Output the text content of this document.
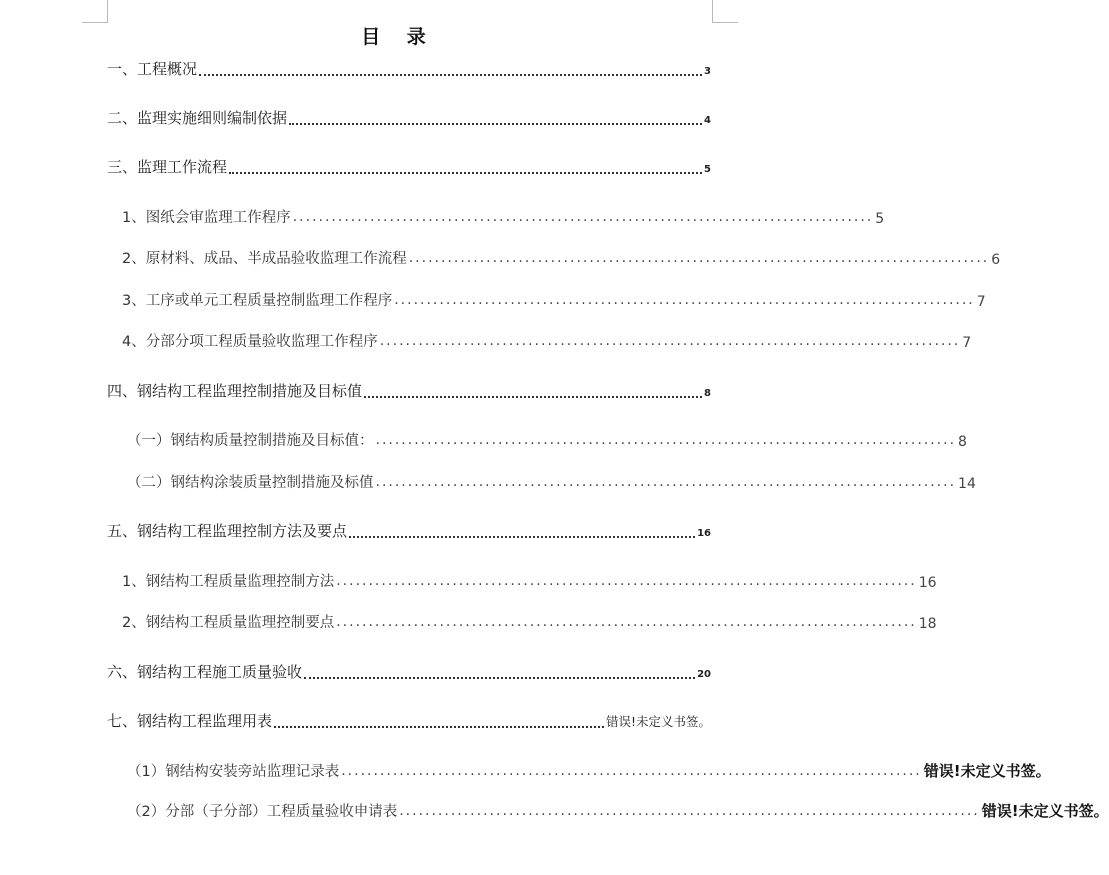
目 录
一、工程概况	3
二、监理实施细则编制依据	4
三、监理工作流程	5
1、图纸会审监理工作程序 .......................................................................................... 5
2、原材料、成品、半成品验收监理工作流程 .......................................................................................... 6
3、工序或单元工程质量控制监理工作程序 .......................................................................................... 7
4、分部分项工程质量验收监理工作程序 .......................................................................................... 7
四、钢结构工程监理控制措施及目标值	8
（一）钢结构质量控制措施及目标值： .......................................................................................... 8
（二）钢结构涂装质量控制措施及标值 .......................................................................................... 14
五、钢结构工程监理控制方法及要点	16
1、钢结构工程质量监理控制方法 .......................................................................................... 16
2、钢结构工程质量监理控制要点 .......................................................................................... 18
六、钢结构工程施工质量验收	20
七、钢结构工程监理用表	错误!未定义书签。
（1）钢结构安装旁站监理记录表 .......................................................................................... 错误!未定义书签。
（2）分部（子分部）工程质量验收申请表 .......................................................................................... 错误!未定义书签。
